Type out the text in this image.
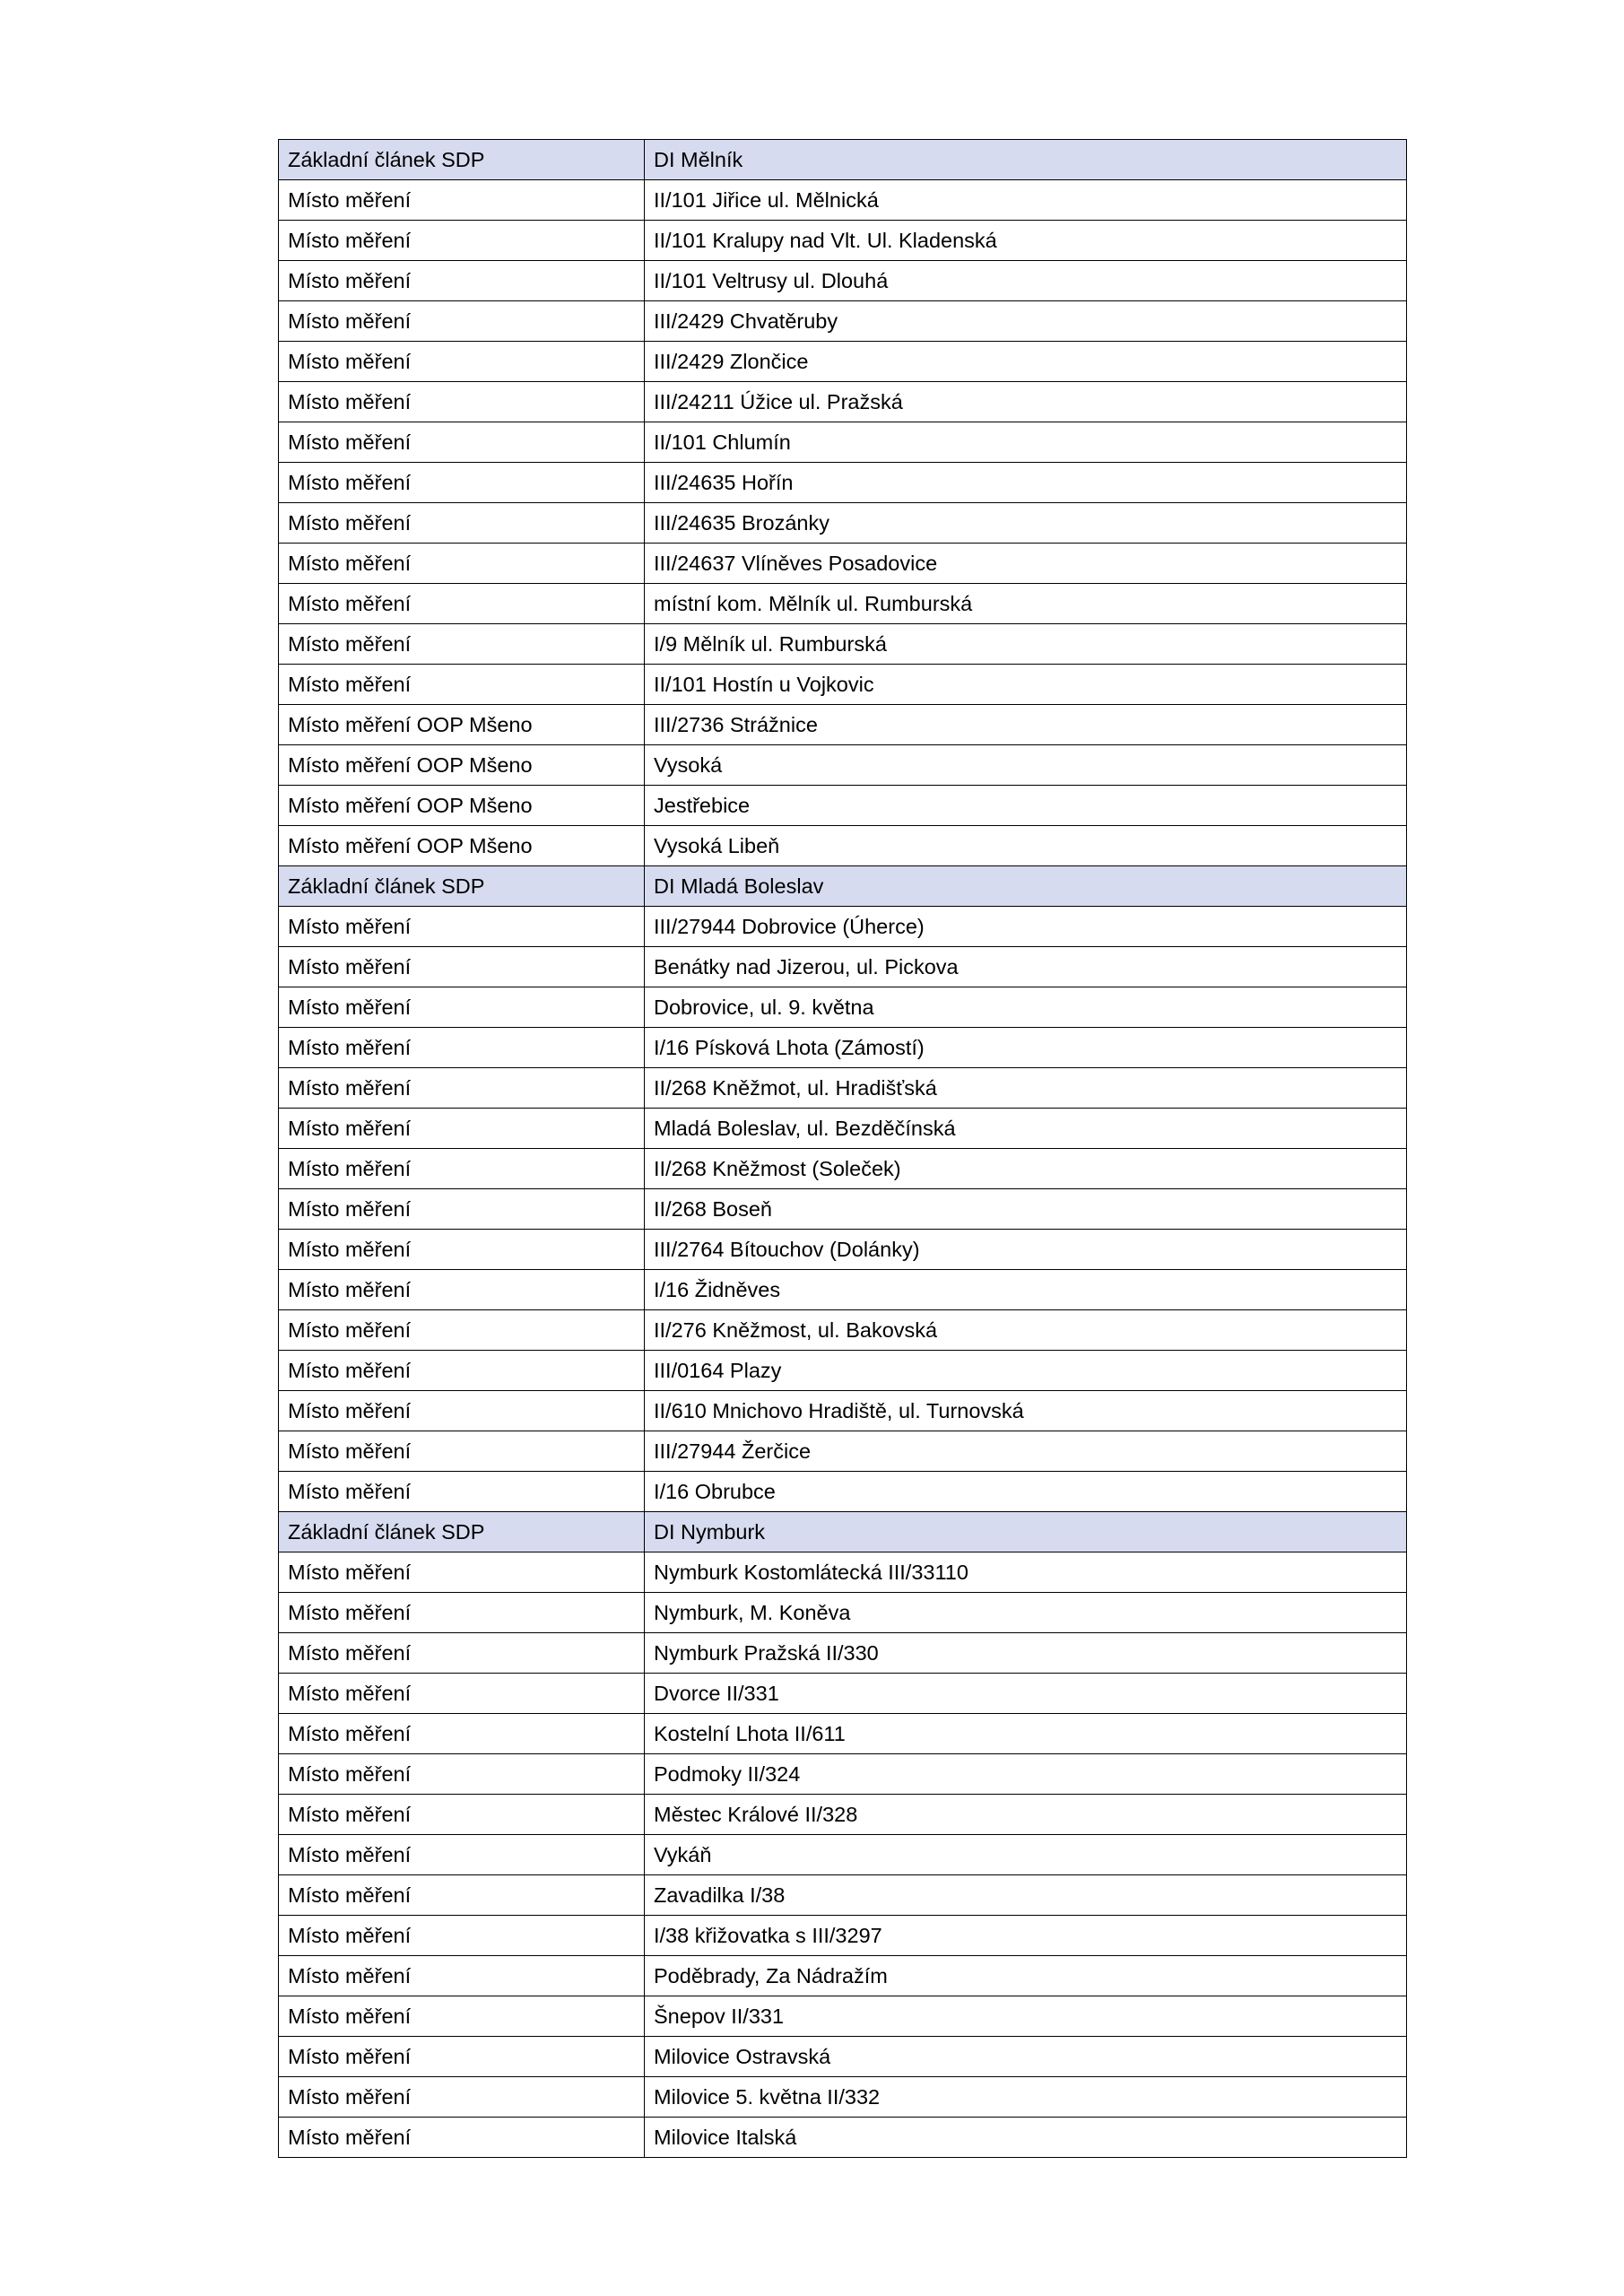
Základní článek SDP	DI Mělník
Místo měření	II/101 Jiřice ul. Mělnická
Místo měření	II/101 Kralupy nad Vlt. Ul. Kladenská
Místo měření	II/101 Veltrusy ul. Dlouhá
Místo měření	III/2429 Chvatěruby
Místo měření	III/2429 Zlončice
Místo měření	III/24211 Úžice ul. Pražská
Místo měření	II/101 Chlumín
Místo měření	III/24635 Hořín
Místo měření	III/24635 Brozánky
Místo měření	III/24637 Vlíněves Posadovice
Místo měření	místní kom. Mělník ul. Rumburská
Místo měření	I/9 Mělník ul. Rumburská
Místo měření	II/101 Hostín u Vojkovic
Místo měření OOP Mšeno	III/2736 Strážnice
Místo měření OOP Mšeno	Vysoká
Místo měření OOP Mšeno	Jestřebice
Místo měření OOP Mšeno	Vysoká Libeň
Základní článek SDP	DI Mladá Boleslav
Místo měření	III/27944 Dobrovice (Úherce)
Místo měření	Benátky nad Jizerou, ul. Pickova
Místo měření	Dobrovice, ul. 9. května
Místo měření	I/16 Písková Lhota (Zámostí)
Místo měření	II/268 Kněžmot, ul. Hradišťská
Místo měření	Mladá Boleslav, ul. Bezděčínská
Místo měření	II/268 Kněžmost (Soleček)
Místo měření	II/268 Boseň
Místo měření	III/2764 Bítouchov (Dolánky)
Místo měření	I/16 Židněves
Místo měření	II/276 Kněžmost, ul. Bakovská
Místo měření	III/0164 Plazy
Místo měření	II/610 Mnichovo Hradiště, ul. Turnovská
Místo měření	III/27944 Žerčice
Místo měření	I/16 Obrubce
Základní článek SDP	DI Nymburk
Místo měření	Nymburk Kostomlátecká III/33110
Místo měření	Nymburk, M. Koněva
Místo měření	Nymburk Pražská II/330
Místo měření	Dvorce II/331
Místo měření	Kostelní Lhota II/611
Místo měření	Podmoky II/324
Místo měření	Městec Králové II/328
Místo měření	Vykáň
Místo měření	Zavadilka I/38
Místo měření	I/38 křižovatka s III/3297
Místo měření	Poděbrady, Za Nádražím
Místo měření	Šnepov II/331
Místo měření	Milovice Ostravská
Místo měření	Milovice 5. května II/332
Místo měření	Milovice Italská
